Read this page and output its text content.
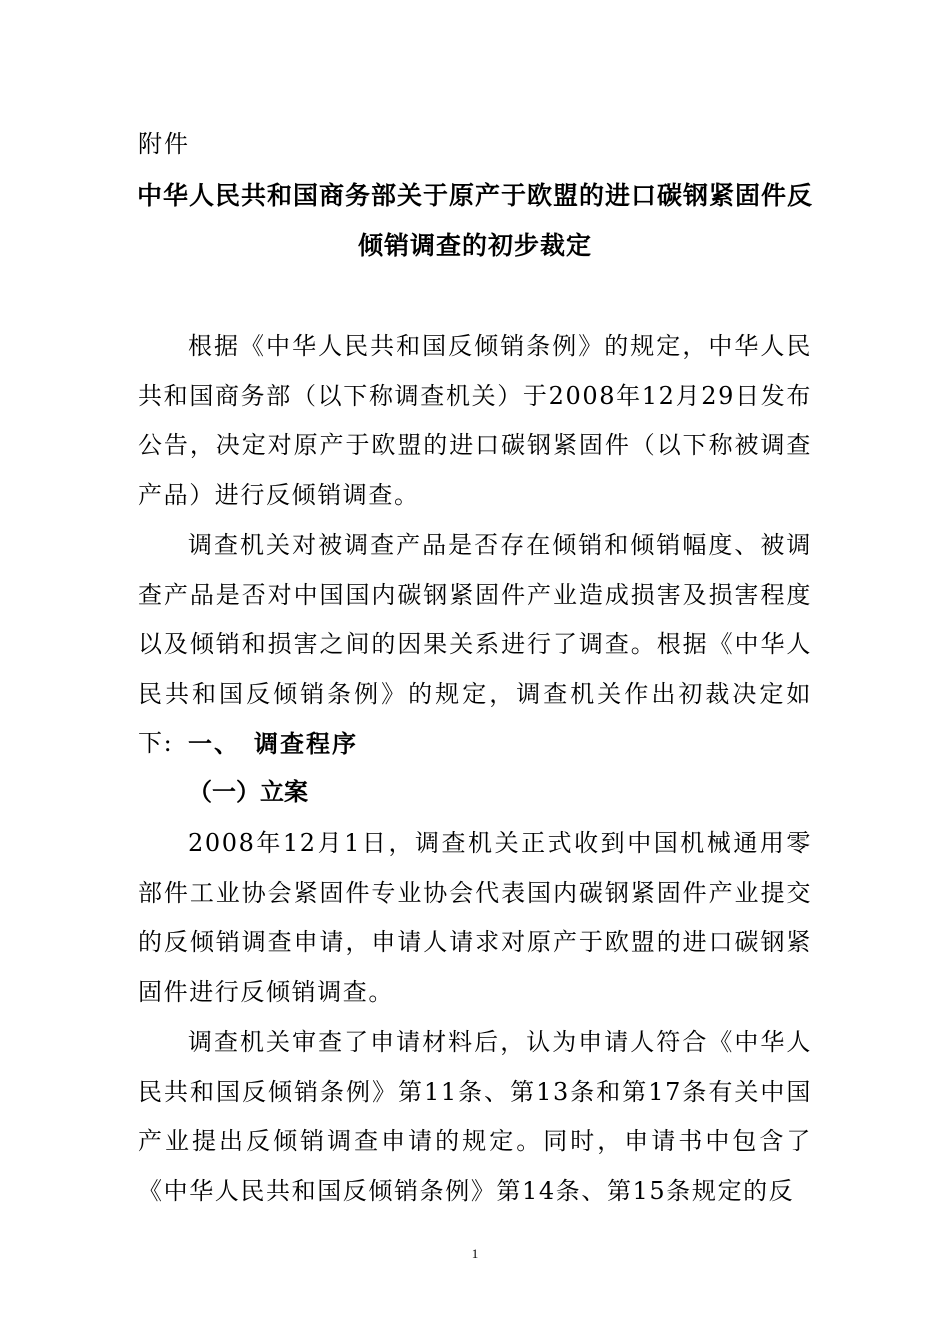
附件
中华人民共和国商务部关于原产于欧盟的进口碳钢紧固件反
倾销调查的初步裁定

根据《中华人民共和国反倾销条例》的规定，中华人民共和国商务部（以下称调查机关）于2008年12月29日发布公告，决定对原产于欧盟的进口碳钢紧固件（以下称被调查产品）进行反倾销调查。

调查机关对被调查产品是否存在倾销和倾销幅度、被调查产品是否对中国国内碳钢紧固件产业造成损害及损害程度以及倾销和损害之间的因果关系进行了调查。根据《中华人民共和国反倾销条例》的规定，调查机关作出初裁决定如下: 一、 调查程序
（一）立案

2008年12月1日，调查机关正式收到中国机械通用零部件工业协会紧固件专业协会代表国内碳钢紧固件产业提交的反倾销调查申请，申请人请求对原产于欧盟的进口碳钢紧固件进行反倾销调查。

调查机关审查了申请材料后，认为申请人符合《中华人民共和国反倾销条例》第11条、第13条和第17条有关中国产业提出反倾销调查申请的规定。同时，申请书中包含了《中华人民共和国反倾销条例》第14条、第15条规定的反

1
